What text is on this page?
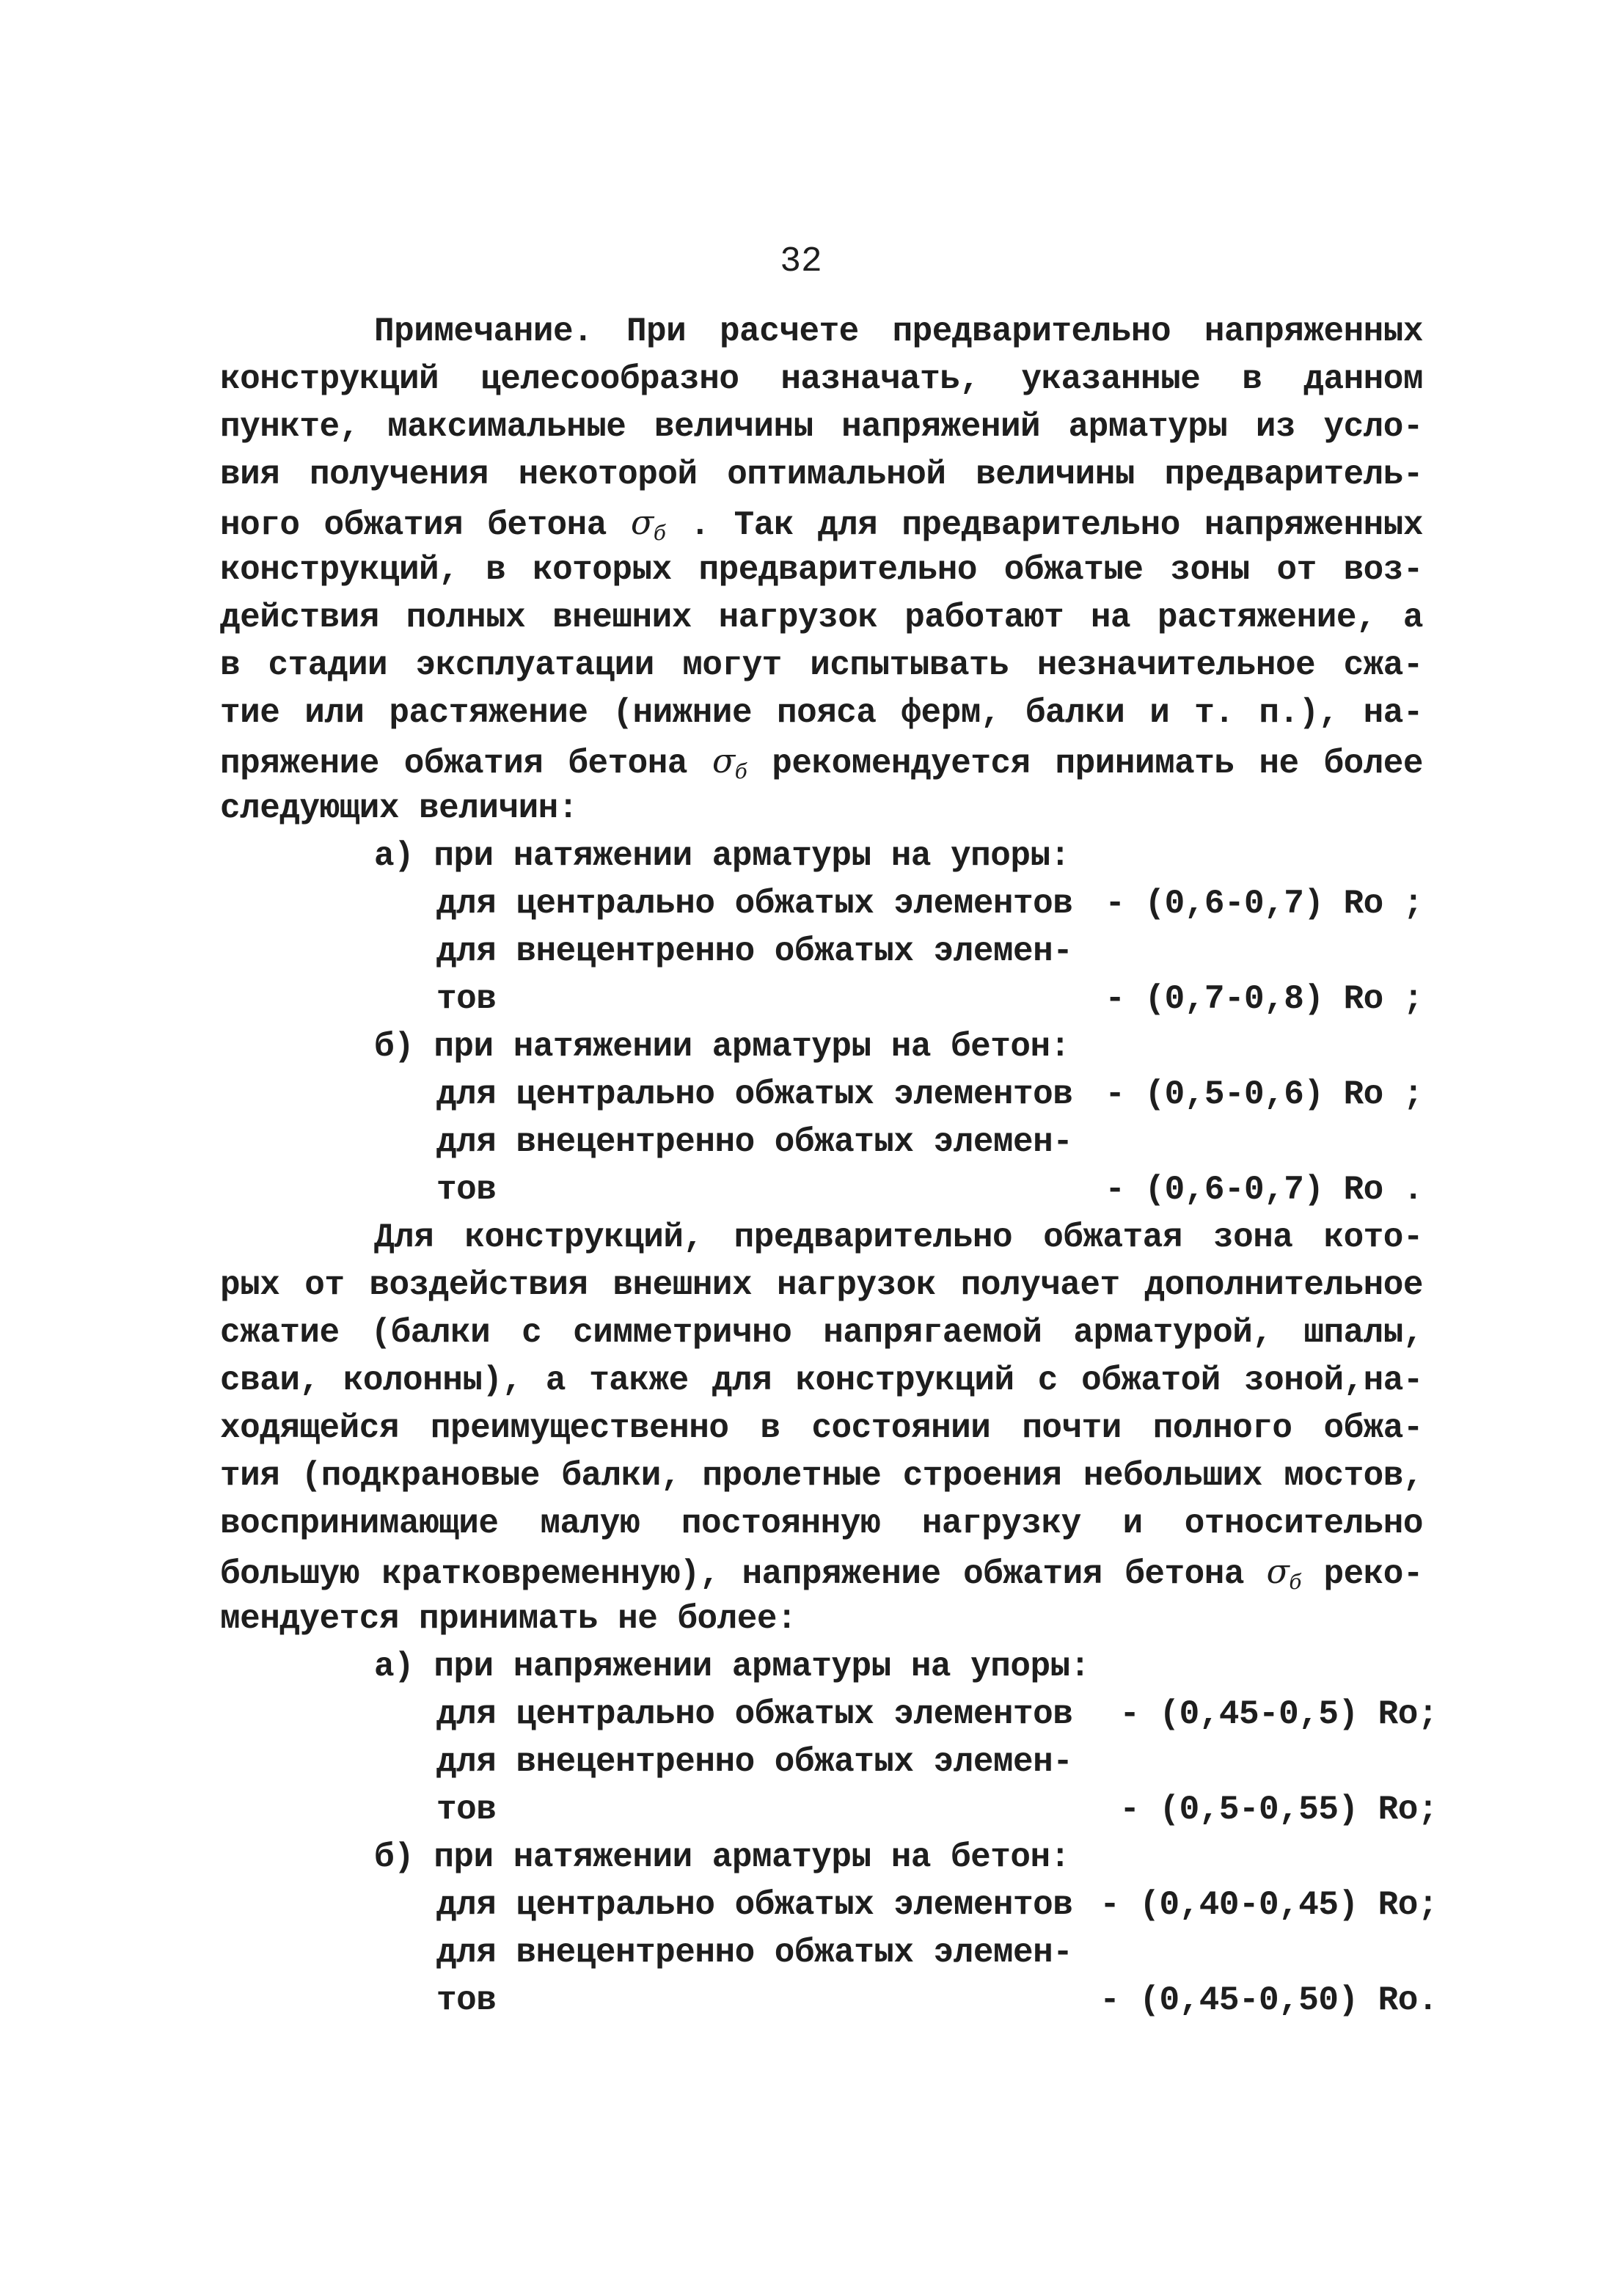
32
Примечание. При расчете предварительно напряженных
конструкций целесообразно назначать, указанные в данном
пункте, максимальные величины напряжений арматуры из усло-
вия получения некоторой оптимальной величины предваритель-
ного обжатия бетона $\sigma_б$ . Так для предварительно напряженных
конструкций, в которых предварительно обжатые зоны от воз-
действия полных внешних нагрузок работают на растяжение, а
в стадии эксплуатации могут испытывать незначительное сжа-
тие или растяжение (нижние пояса ферм, балки и т. п.), на-
пряжение обжатия бетона $\sigma_б$ рекомендуется принимать не более
следующих величин:
а) при натяжении арматуры на упоры:
для центрально обжатых элементов - (0,6-0,7) Ro ;
для внецентренно обжатых элемен-
тов	- (0,7-0,8) Ro ;
б) при натяжении арматуры на бетон:
для центрально обжатых элементов - (0,5-0,6) Ro ;
для внецентренно обжатых элемен-
тов	- (0,6-0,7) Ro .
Для конструкций, предварительно обжатая зона кото-
рых от воздействия внешних нагрузок получает дополнительное
сжатие (балки с симметрично напрягаемой арматурой, шпалы,
сваи, колонны), а также для конструкций с обжатой зоной,на-
ходящейся преимущественно в состоянии почти полного обжа-
тия (подкрановые балки, пролетные строения небольших мостов,
воспринимающие малую постоянную нагрузку и относительно
большую кратковременную), напряжение обжатия бетона $\sigma_б$ реко-
мендуется принимать не более:
а) при напряжении арматуры на упоры:
для центрально обжатых элементов - (0,45-0,5) Ro;
для внецентренно обжатых элемен-
тов	- (0,5-0,55) Ro;
б) при натяжении арматуры на бетон:
для центрально обжатых элементов - (0,40-0,45) Ro;
для внецентренно обжатых элемен-
тов	- (0,45-0,50) Ro.
